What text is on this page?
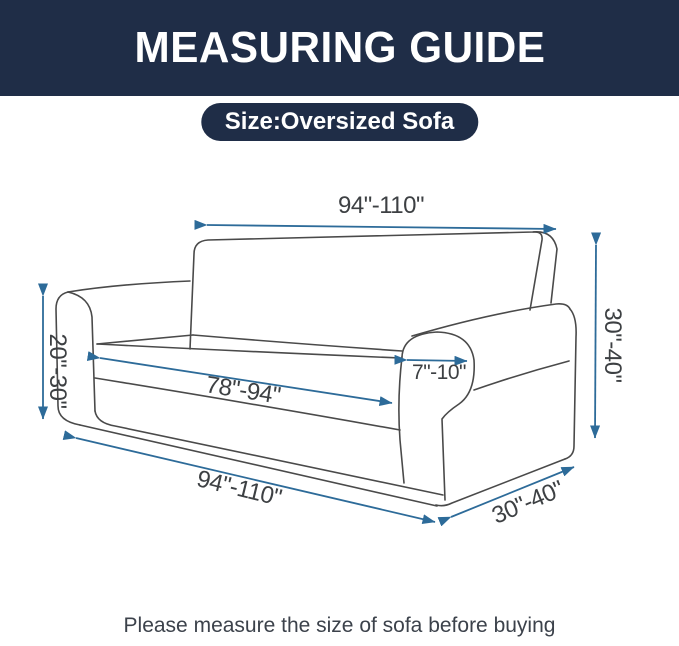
MEASURING GUIDE
Size:Oversized Sofa
94"-110"
78"-94"	7"-10"
20"-30"	30"-40"
94"-110"	30"-40"

Please measure the size of sofa before buying
